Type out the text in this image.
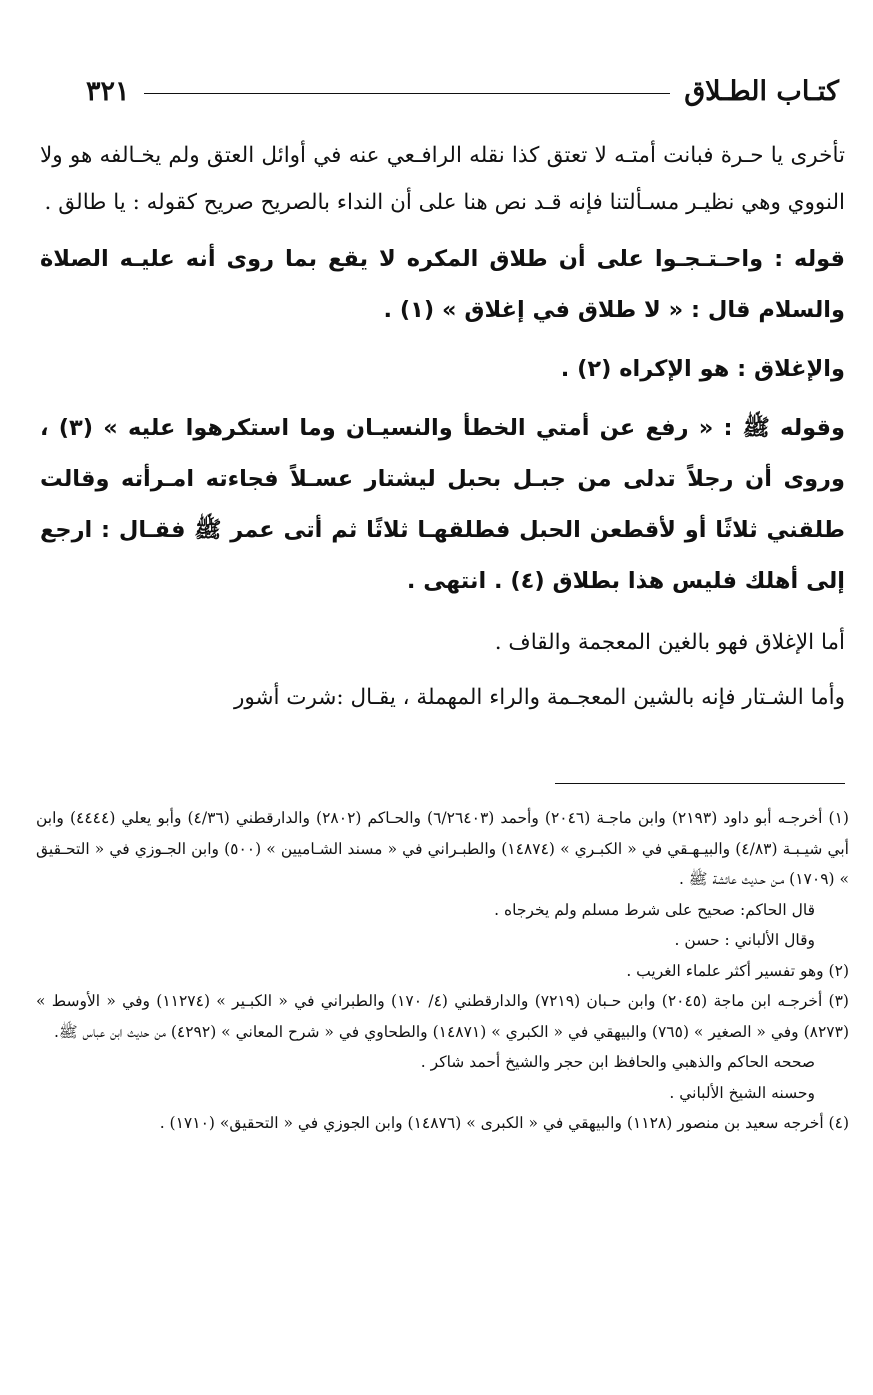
كتـاب الطـلاق
٣٢١

تأخرى يا حـرة فبانت أمتـه لا تعتق كذا نقله الرافـعي عنه في أوائل العتق ولم يخـالفه هو ولا النووي وهي نظيـر مسـألتنا فإنه قـد نص هنا على أن النداء بالصريح صريح كقوله : يا طالق .

قوله : واحـتـجـوا على أن طلاق المكره لا يقع بما روى أنه عليـه الصلاة والسلام قال : « لا طلاق في إغلاق » (١) .

والإغلاق : هو الإكراه (٢) .

وقوله ﷺ : « رفع عن أمتي الخطأ والنسيـان وما استكرهوا عليه » (٣) ، وروى أن رجلاً تدلى من جبـل بحبل ليشتار عسـلاً فجاءته امـرأته وقالت طلقني ثلاثًا أو لأقطعن الحبل فطلقهـا ثلاثًا ثم أتى عمر ﷺ فقـال : ارجع إلى أهلك فليس هذا بطلاق (٤) . انتهى .

أما الإغلاق فهو بالغين المعجمة والقاف .

وأما الشـتار فإنه بالشين المعجـمة والراء المهملة ، يقـال :شرت أشور

(١) أخرجـه أبو داود (٢١٩٣) وابن ماجـة (٢٠٤٦) وأحمد (٦/٢٦٤٠٣) والحـاكم (٢٨٠٢) والدارقطني (٤/٣٦) وأبو يعلي (٤٤٤٤) وابن أبي شيـبـة (٤/٨٣) والبيـهـقي في « الكبـري » (١٤٨٧٤) والطبـراني في « مسند الشـاميين » (٥٠٠) وابن الجـوزي في « التحـقيق » (١٧٠٩) مـن حـديث عائشة ﷺ .

قال الحاكم: صحيح على شرط مسلم ولم يخرجاه .

وقال الألباني : حسن .

(٢) وهو تفسير أكثر علماء الغريب .

(٣) أخرجـه ابن ماجة (٢٠٤٥) وابن حـبان (٧٢١٩) والدارقطني (٤/ ١٧٠) والطبراني في « الكبـير » (١١٢٧٤) وفي « الأوسط » (٨٢٧٣) وفي « الصغير » (٧٦٥) والبيهقي في « الكبري » (١٤٨٧١) والطحاوي في « شرح المعاني » (٤٢٩٢) من حديث ابن عباس ﷺ.

صححه الحاكم والذهبي والحافظ ابن حجر والشيخ أحمد شاكر .

وحسنه الشيخ الألباني .

(٤) أخرجه سعيد بن منصور (١١٢٨) والبيهقي في « الكبرى » (١٤٨٧٦) وابن الجوزي في « التحقيق» (١٧١٠) .
